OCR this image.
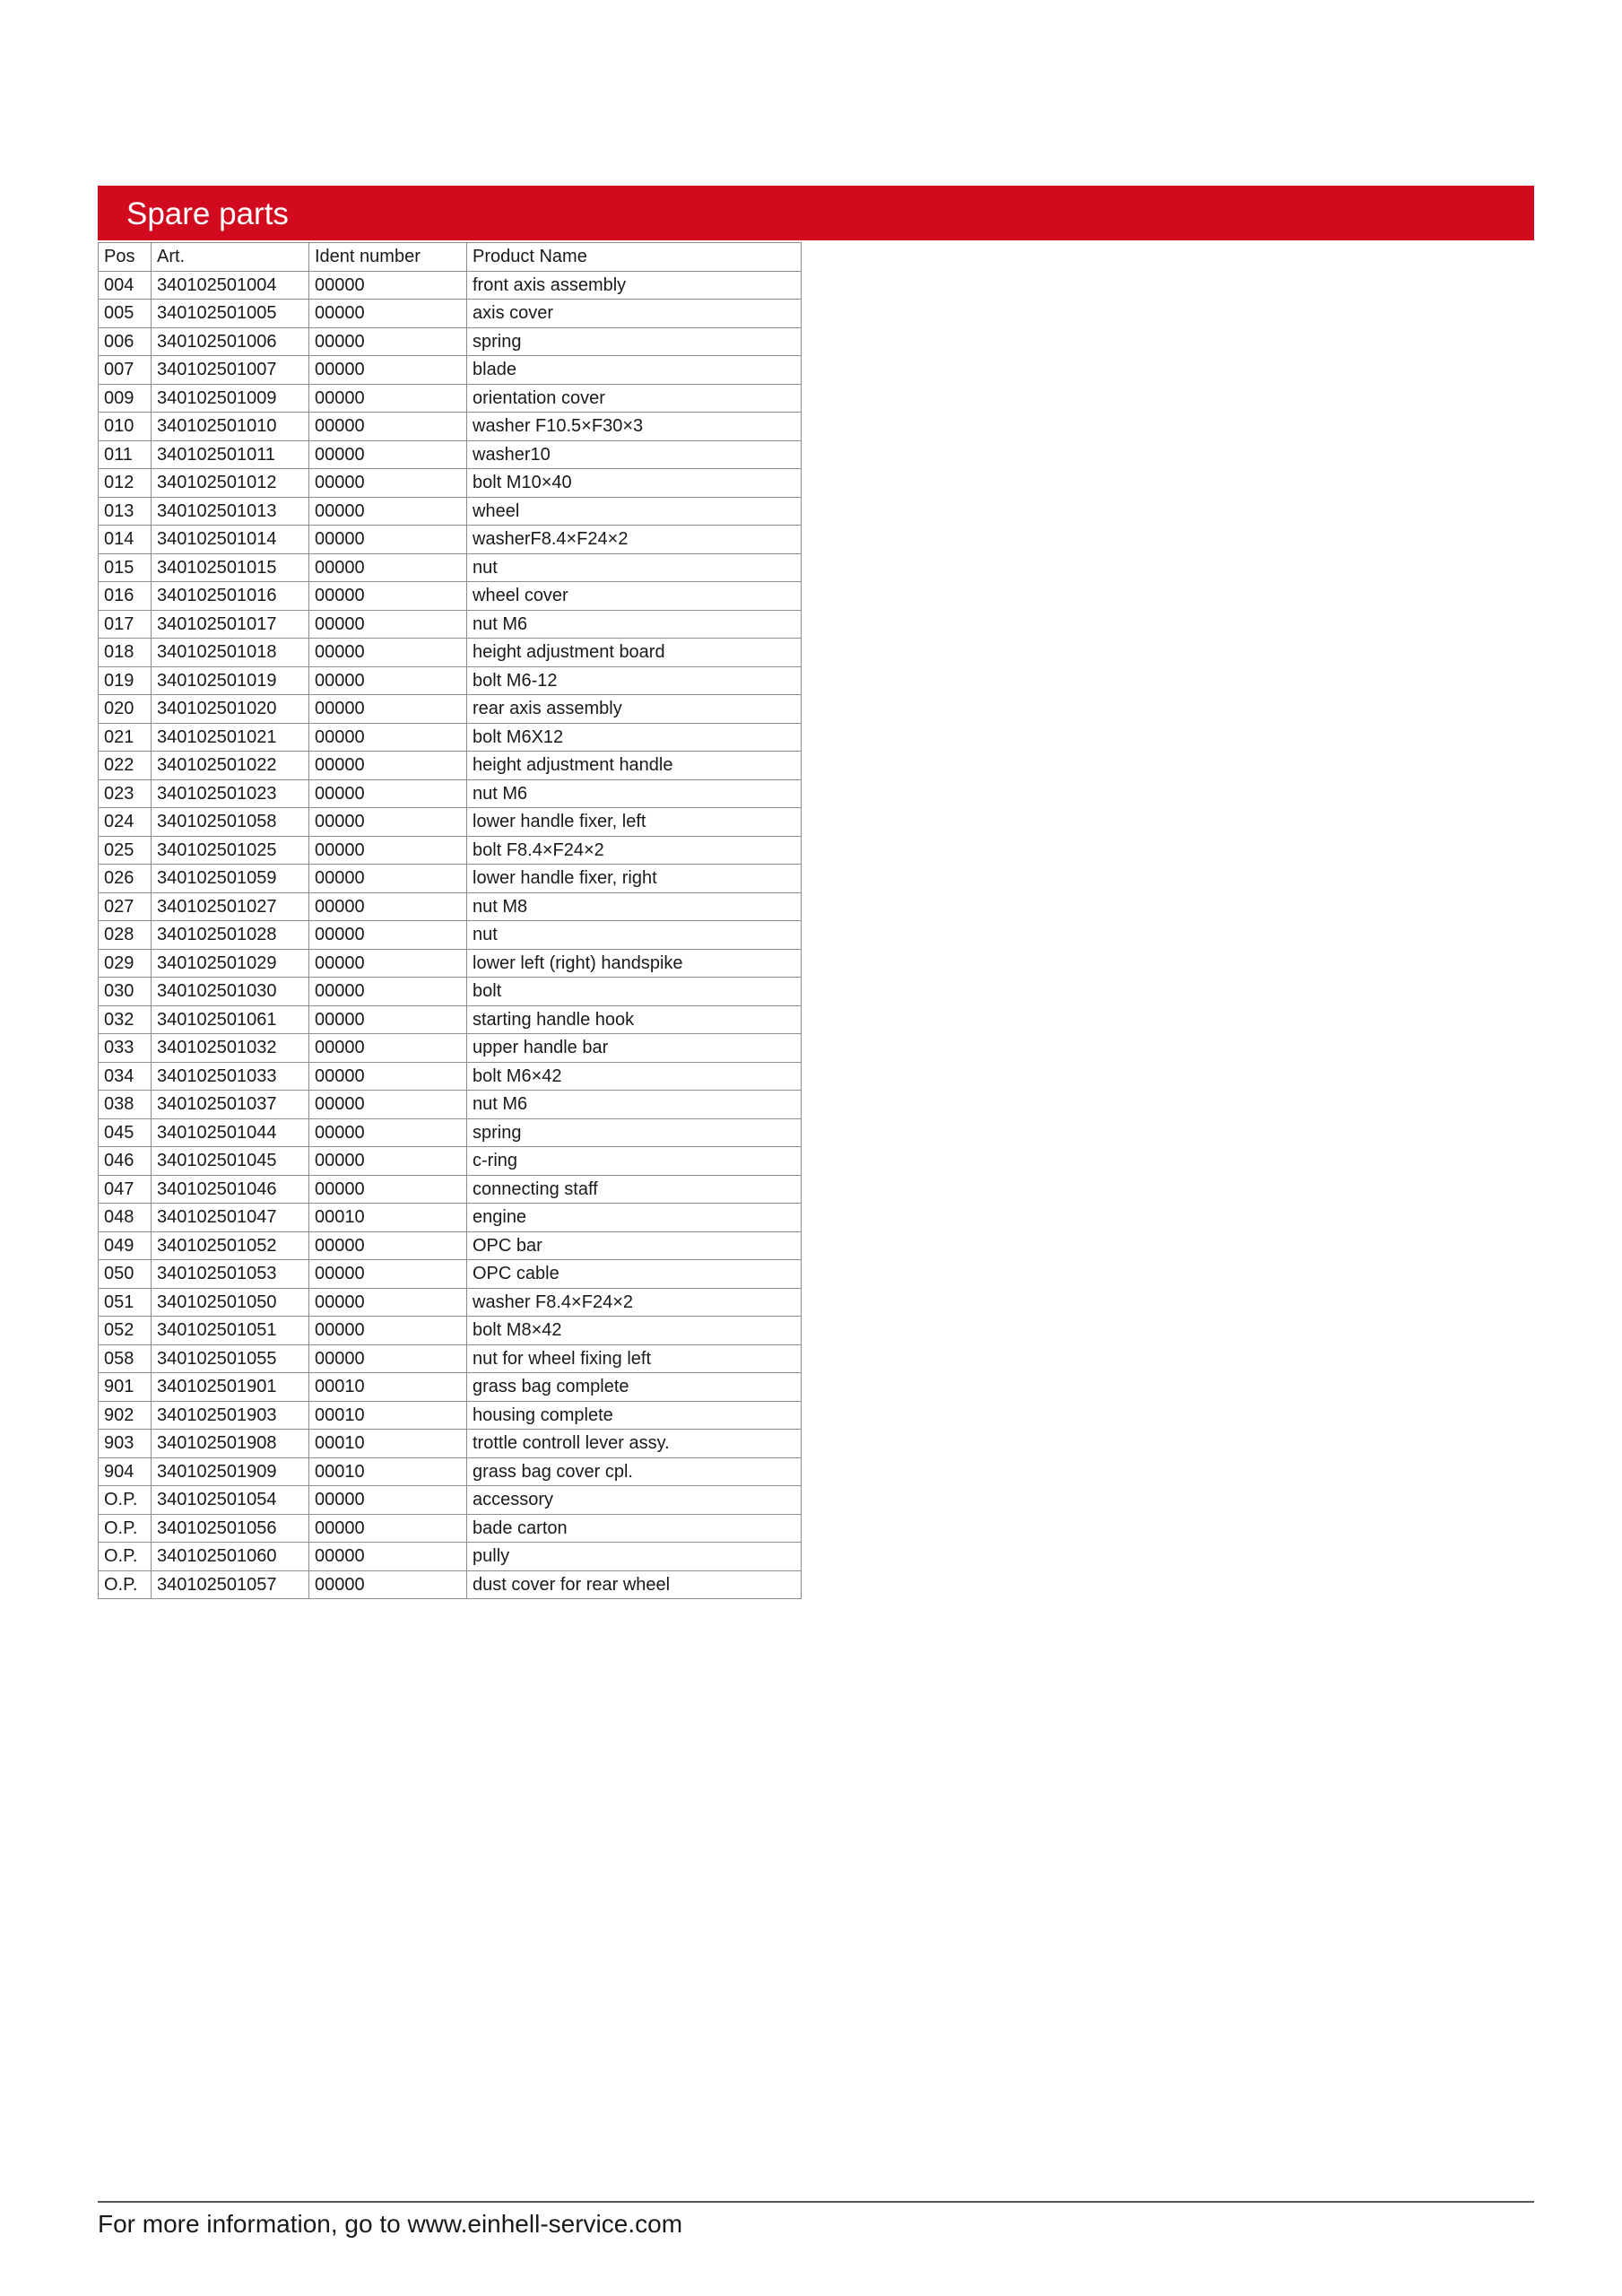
Spare parts
Pos	Art.	Ident number	Product Name
004	340102501004	00000	front axis assembly
005	340102501005	00000	axis cover
006	340102501006	00000	spring
007	340102501007	00000	blade
009	340102501009	00000	orientation cover
010	340102501010	00000	washer F10.5×F30×3
011	340102501011	00000	washer10
012	340102501012	00000	bolt M10×40
013	340102501013	00000	wheel
014	340102501014	00000	washerF8.4×F24×2
015	340102501015	00000	nut
016	340102501016	00000	wheel cover
017	340102501017	00000	nut M6
018	340102501018	00000	height adjustment board
019	340102501019	00000	bolt M6-12
020	340102501020	00000	rear axis assembly
021	340102501021	00000	bolt M6X12
022	340102501022	00000	height adjustment handle
023	340102501023	00000	nut M6
024	340102501058	00000	lower handle fixer, left
025	340102501025	00000	bolt F8.4×F24×2
026	340102501059	00000	lower handle fixer, right
027	340102501027	00000	nut M8
028	340102501028	00000	nut
029	340102501029	00000	lower left (right) handspike
030	340102501030	00000	bolt
032	340102501061	00000	starting handle hook
033	340102501032	00000	upper handle bar
034	340102501033	00000	bolt M6×42
038	340102501037	00000	nut M6
045	340102501044	00000	spring
046	340102501045	00000	c-ring
047	340102501046	00000	connecting staff
048	340102501047	00010	engine
049	340102501052	00000	OPC bar
050	340102501053	00000	OPC cable
051	340102501050	00000	washer F8.4×F24×2
052	340102501051	00000	bolt M8×42
058	340102501055	00000	nut for wheel fixing left
901	340102501901	00010	grass bag complete
902	340102501903	00010	housing complete
903	340102501908	00010	trottle controll lever assy.
904	340102501909	00010	grass bag cover cpl.
O.P.	340102501054	00000	accessory
O.P.	340102501056	00000	bade carton
O.P.	340102501060	00000	pully
O.P.	340102501057	00000	dust cover for rear wheel
For more information, go to www.einhell-service.com
